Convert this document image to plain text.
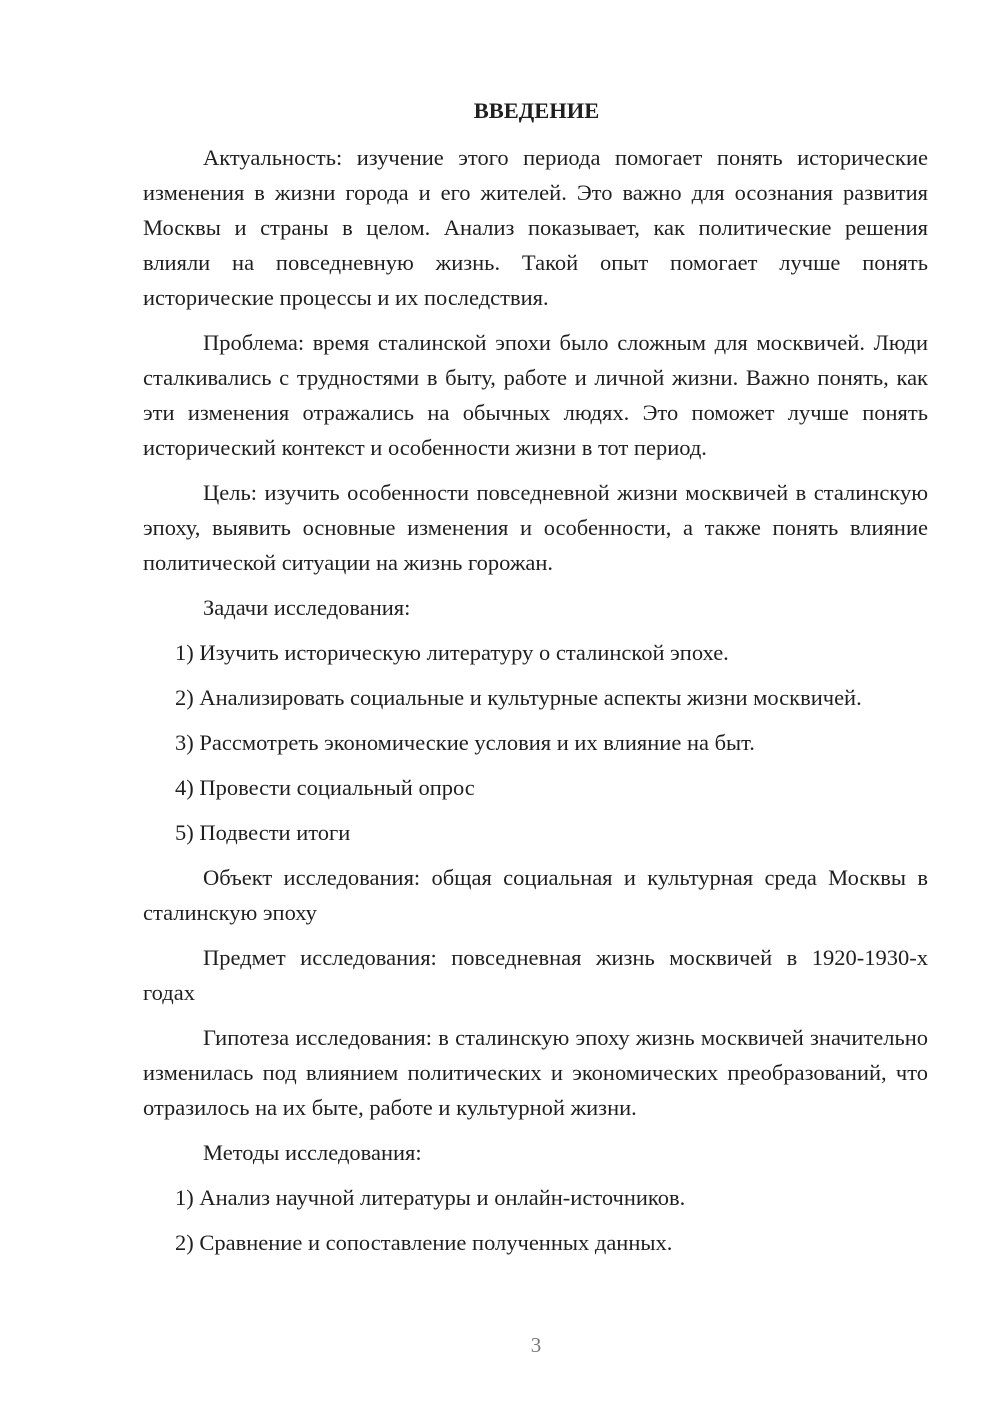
ВВЕДЕНИЕ

Актуальность: изучение этого периода помогает понять исторические изменения в жизни города и его жителей. Это важно для осознания развития Москвы и страны в целом. Анализ показывает, как политические решения влияли на повседневную жизнь. Такой опыт помогает лучше понять исторические процессы и их последствия.

Проблема: время сталинской эпохи было сложным для москвичей. Люди сталкивались с трудностями в быту, работе и личной жизни. Важно понять, как эти изменения отражались на обычных людях. Это поможет лучше понять исторический контекст и особенности жизни в тот период.

Цель: изучить особенности повседневной жизни москвичей в сталинскую эпоху, выявить основные изменения и особенности, а также понять влияние политической ситуации на жизнь горожан.

Задачи исследования:

1) Изучить историческую литературу о сталинской эпохе.

2) Анализировать социальные и культурные аспекты жизни москвичей.

3) Рассмотреть экономические условия и их влияние на быт.

4) Провести социальный опрос

5) Подвести итоги

Объект исследования: общая социальная и культурная среда Москвы в сталинскую эпоху

Предмет исследования: повседневная жизнь москвичей в 1920-1930-х годах

Гипотеза исследования: в сталинскую эпоху жизнь москвичей значительно изменилась под влиянием политических и экономических преобразований, что отразилось на их быте, работе и культурной жизни.

Методы исследования:

1) Анализ научной литературы и онлайн-источников.

2) Сравнение и сопоставление полученных данных.

3
